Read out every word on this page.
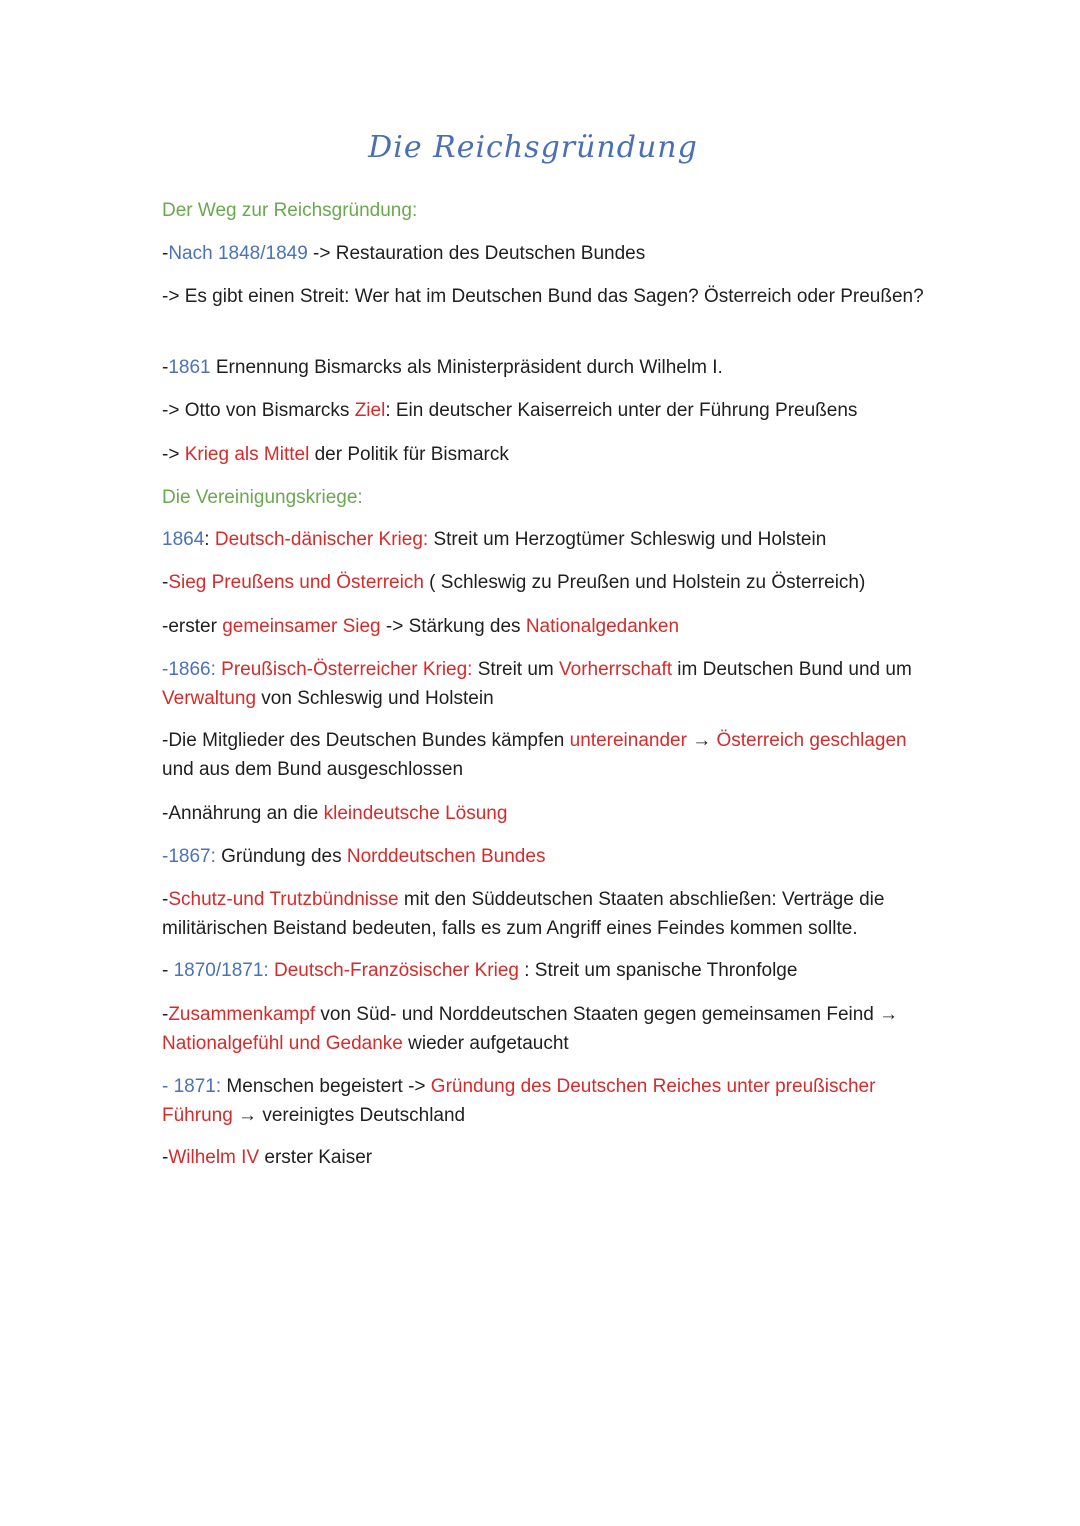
Die Reichsgründung
Der Weg zur Reichsgründung:
-Nach 1848/1849 -> Restauration des Deutschen Bundes
-> Es gibt einen Streit: Wer hat im Deutschen Bund das Sagen? Österreich oder Preußen?
-1861 Ernennung Bismarcks als Ministerpräsident durch Wilhelm I.
-> Otto von Bismarcks Ziel: Ein deutscher Kaiserreich unter der Führung Preußens
-> Krieg als Mittel der Politik für Bismarck
Die Vereinigungskriege:
1864: Deutsch-dänischer Krieg: Streit um Herzogtümer Schleswig und Holstein
-Sieg Preußens und Österreich ( Schleswig zu Preußen und Holstein zu Österreich)
-erster gemeinsamer Sieg -> Stärkung des Nationalgedanken
-1866: Preußisch-Österreicher Krieg: Streit um Vorherrschaft im Deutschen Bund und um Verwaltung von Schleswig und Holstein
-Die Mitglieder des Deutschen Bundes kämpfen untereinander → Österreich geschlagen und aus dem Bund ausgeschlossen
-Annährung an die kleindeutsche Lösung
-1867: Gründung des Norddeutschen Bundes
-Schutz-und Trutzbündnisse mit den Süddeutschen Staaten abschließen: Verträge die militärischen Beistand bedeuten, falls es zum Angriff eines Feindes kommen sollte.
- 1870/1871: Deutsch-Französischer Krieg : Streit um spanische Thronfolge
-Zusammenkampf von Süd- und Norddeutschen Staaten gegen gemeinsamen Feind → Nationalgefühl und Gedanke wieder aufgetaucht
- 1871: Menschen begeistert -> Gründung des Deutschen Reiches unter preußischer Führung → vereinigtes Deutschland
-Wilhelm IV erster Kaiser
